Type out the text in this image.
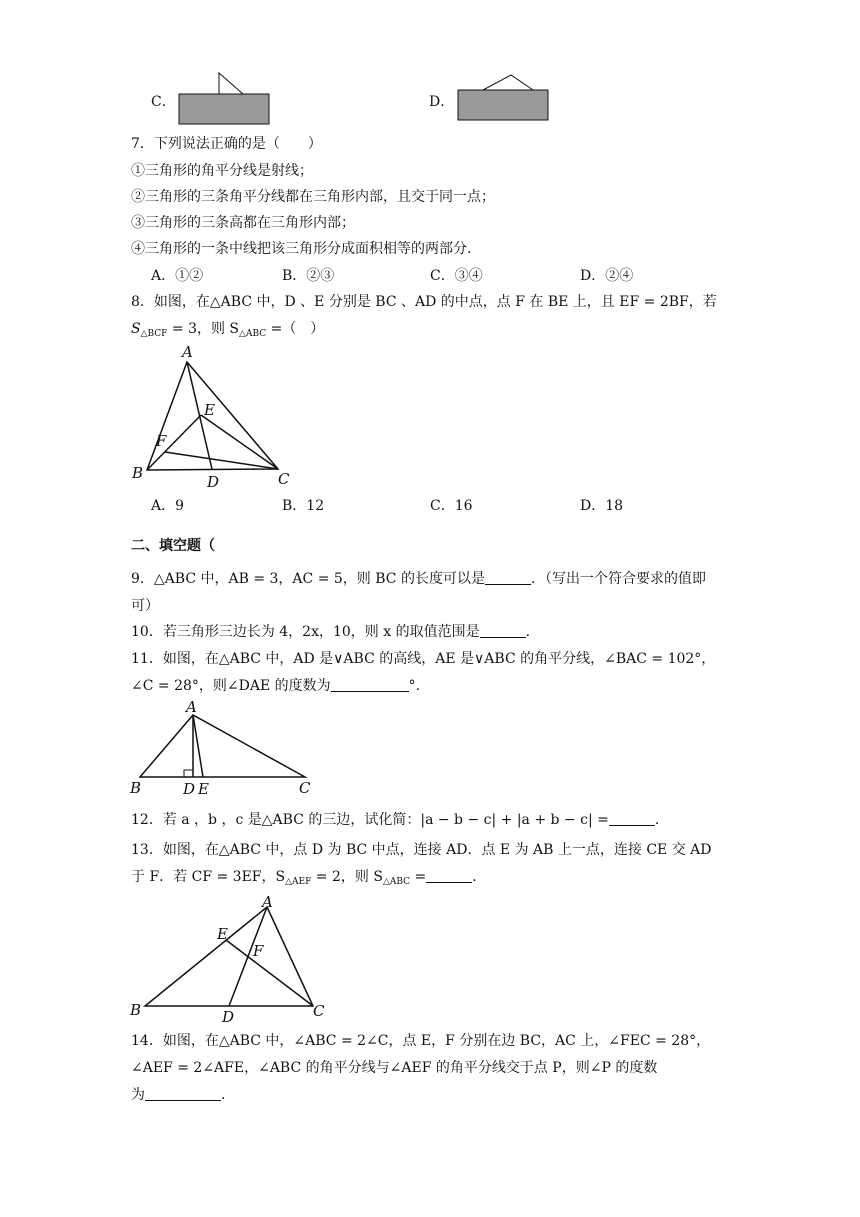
C．	D．
7．下列说法正确的是（　　）
①三角形的角平分线是射线；
②三角形的三条角平分线都在三角形内部，且交于同一点；
③三角形的三条高都在三角形内部；
④三角形的一条中线把该三角形分成面积相等的两部分.
A．①②	B．②③	C．③④	D．②④
8．如图，在△ABC 中，D 、E 分别是 BC 、AD 的中点，点 F 在 BE 上，且 EF = 2BF，若
$S_{\triangle BCF} = 3$，则 $S_{\triangle ABC}$ =（　）
A
B	C
D
E
F
A．9	B．12	C．16	D．18
二、填空题（
9．△ABC 中，AB = 3，AC = 5，则 BC 的长度可以是	．（写出一个符合要求的值即
可）
10．若三角形三边长为 4，2x，10，则 x 的取值范围是	.
11．如图，在△ABC 中，AD 是∨ABC 的高线，AE 是∨ABC 的角平分线，∠BAC = 102°，
∠C = 28°，则∠DAE 的度数为	°.
A
B	C
D E
12．若 a ，b ，c 是△ABC 的三边，试化简：|a − b − c| + |a + b − c| =	.
13．如图，在△ABC 中，点 D 为 BC 中点，连接 AD．点 E 为 AB 上一点，连接 CE 交 AD
于 F．若 CF = 3EF，$S_{\triangle AEF} = 2$，则 $S_{\triangle ABC}$ =	.
A
B	C
D
E
F
14．如图，在△ABC 中，∠ABC = 2∠C，点 E，F 分别在边 BC，AC 上，∠FEC = 28°，
∠AEF = 2∠AFE，∠ABC 的角平分线与∠AEF 的角平分线交于点 P，则∠P 的度数
为	.
